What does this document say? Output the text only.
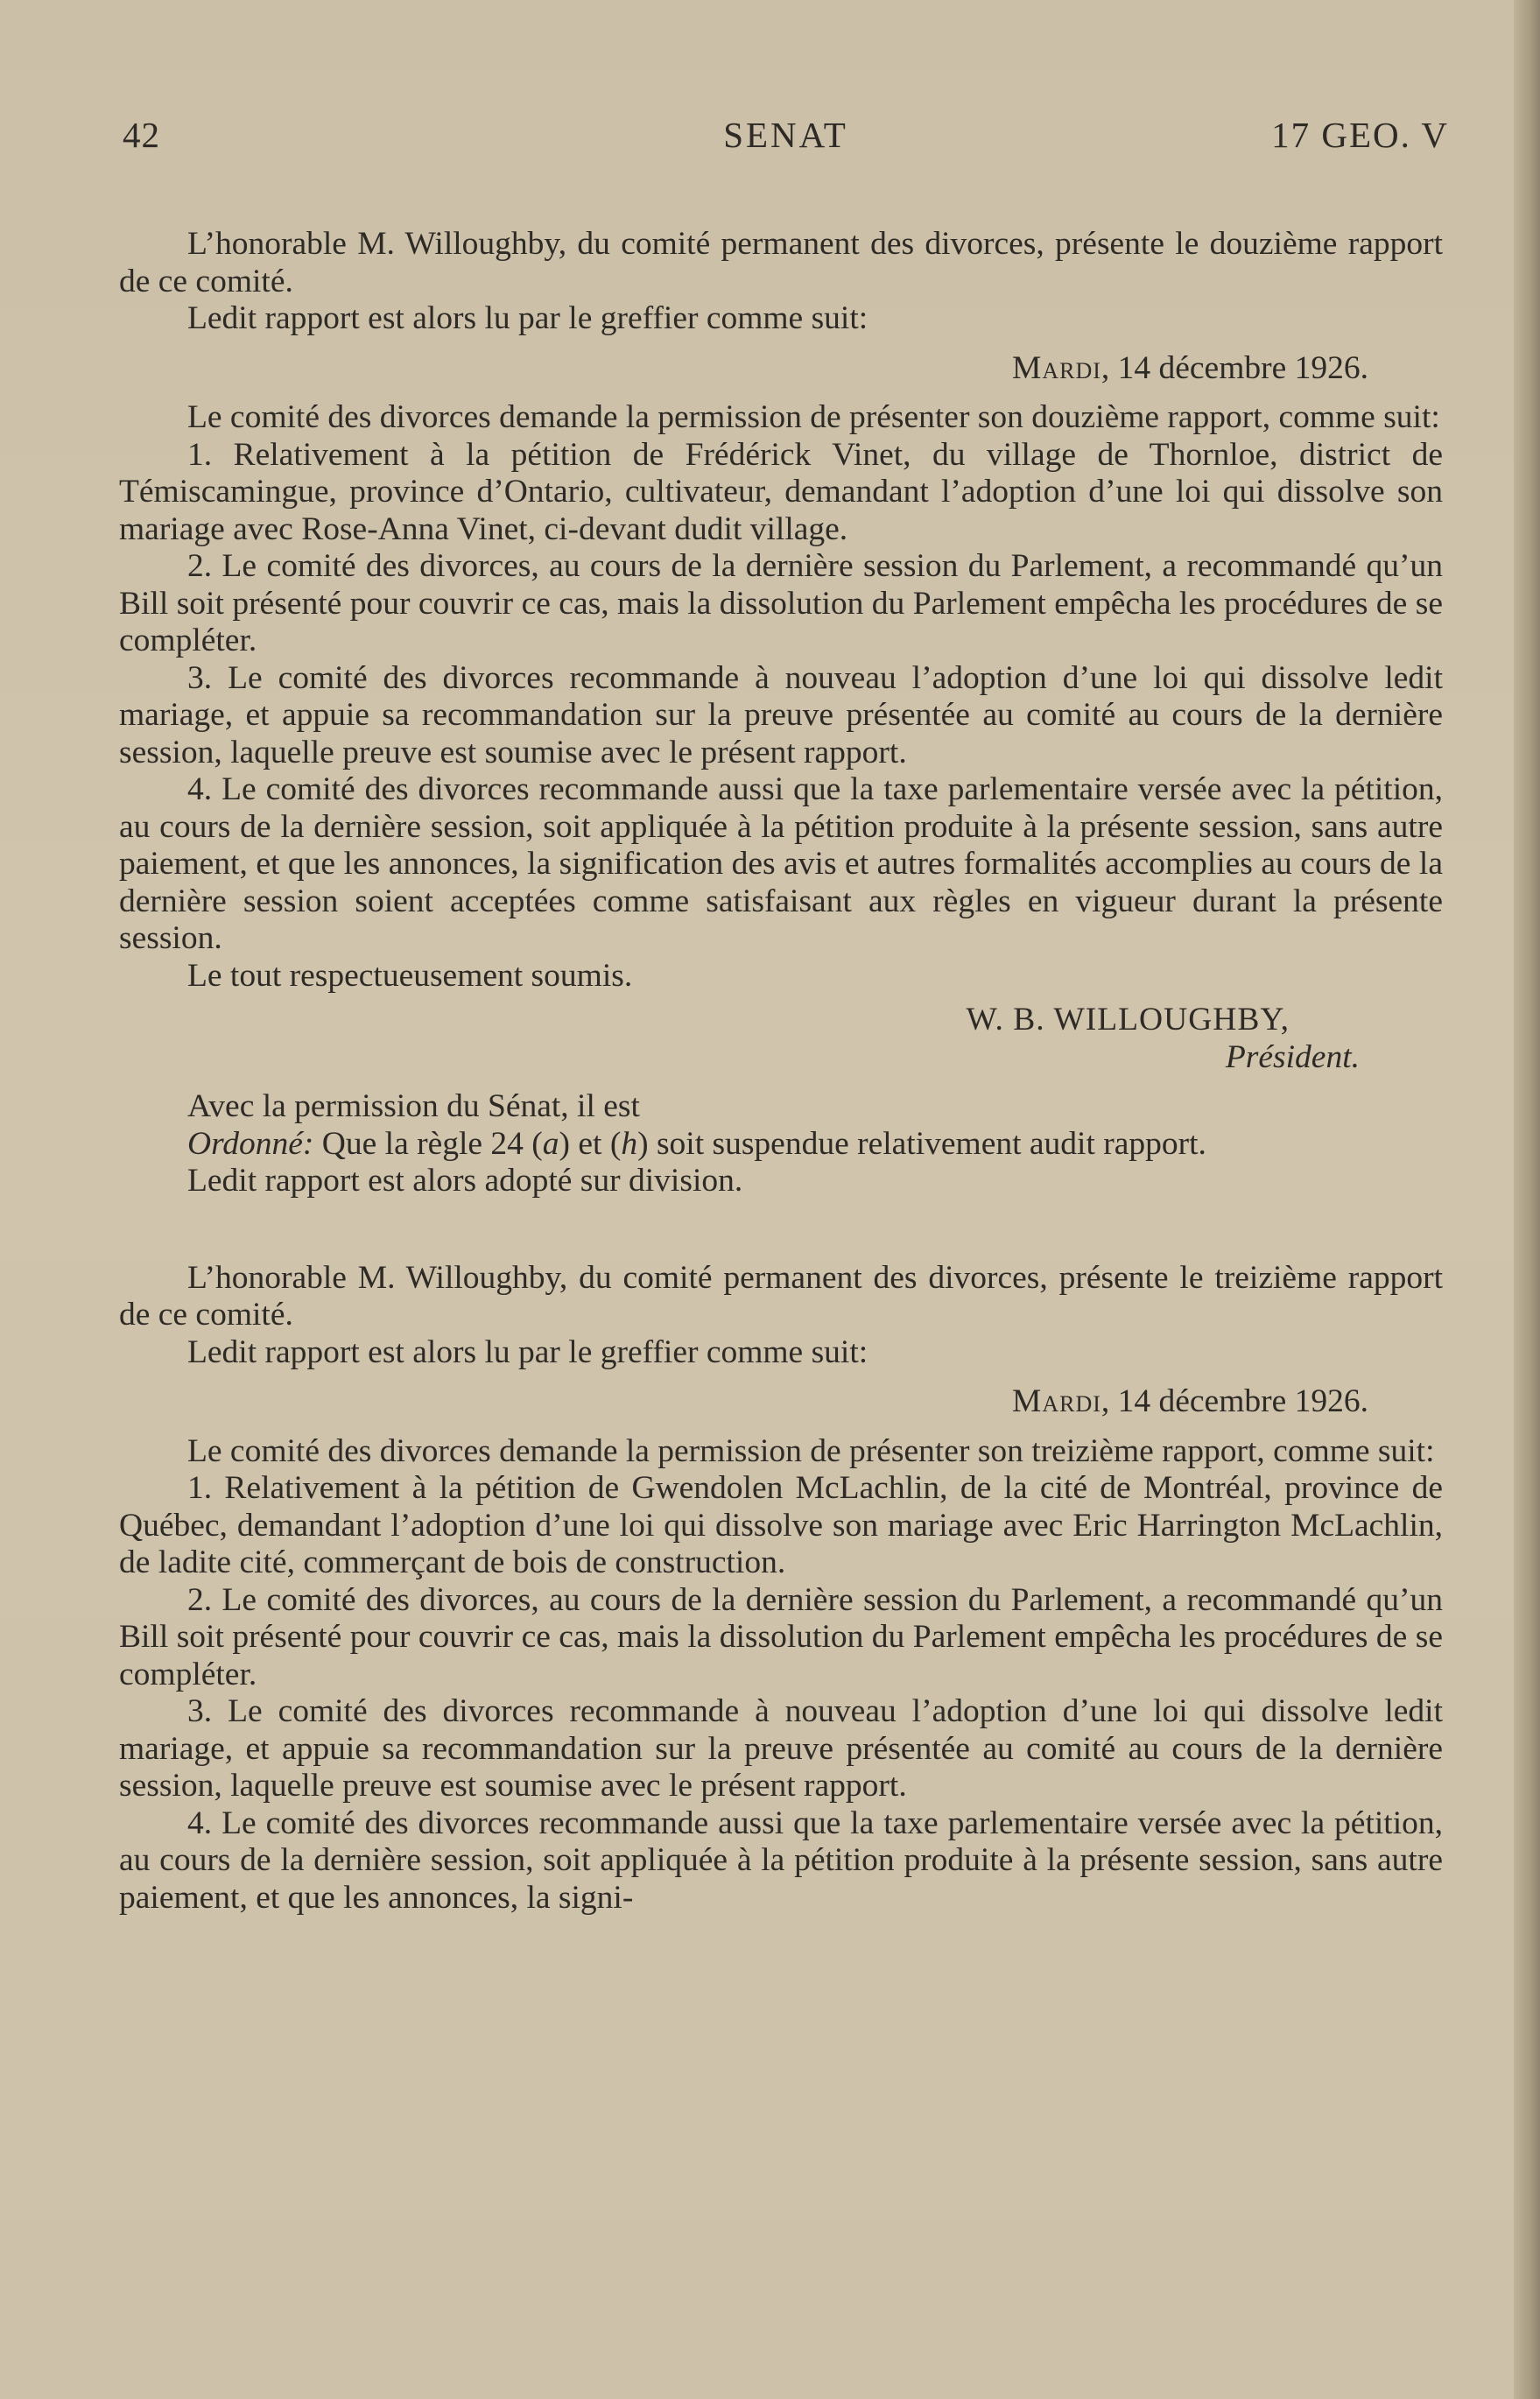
42	SENAT	17 GEO. V

L’honorable M. Willoughby, du comité permanent des divorces, présente le douzième rapport de ce comité.

Ledit rapport est alors lu par le greffier comme suit:

Mardi, 14 décembre 1926.

Le comité des divorces demande la permission de présenter son douzième rapport, comme suit:

1. Relativement à la pétition de Frédérick Vinet, du village de Thornloe, district de Témiscamingue, province d’Ontario, cultivateur, demandant l’adoption d’une loi qui dissolve son mariage avec Rose-Anna Vinet, ci-devant dudit village.

2. Le comité des divorces, au cours de la dernière session du Parlement, a recommandé qu’un Bill soit présenté pour couvrir ce cas, mais la dissolution du Parlement empêcha les procédures de se compléter.

3. Le comité des divorces recommande à nouveau l’adoption d’une loi qui dissolve ledit mariage, et appuie sa recommandation sur la preuve présentée au comité au cours de la dernière session, laquelle preuve est soumise avec le présent rapport.

4. Le comité des divorces recommande aussi que la taxe parlementaire versée avec la pétition, au cours de la dernière session, soit appliquée à la pétition produite à la présente session, sans autre paiement, et que les annonces, la signification des avis et autres formalités accomplies au cours de la dernière session soient acceptées comme satisfaisant aux règles en vigueur durant la présente session.

Le tout respectueusement soumis.

W. B. WILLOUGHBY,

Président.

Avec la permission du Sénat, il est

Ordonné: Que la règle 24 (a) et (h) soit suspendue relativement audit rapport.

Ledit rapport est alors adopté sur division.

L’honorable M. Willoughby, du comité permanent des divorces, présente le treizième rapport de ce comité.

Ledit rapport est alors lu par le greffier comme suit:

Mardi, 14 décembre 1926.

Le comité des divorces demande la permission de présenter son treizième rapport, comme suit:

1. Relativement à la pétition de Gwendolen McLachlin, de la cité de Montréal, province de Québec, demandant l’adoption d’une loi qui dissolve son mariage avec Eric Harrington McLachlin, de ladite cité, commerçant de bois de construction.

2. Le comité des divorces, au cours de la dernière session du Parlement, a recommandé qu’un Bill soit présenté pour couvrir ce cas, mais la dissolution du Parlement empêcha les procédures de se compléter.

3. Le comité des divorces recommande à nouveau l’adoption d’une loi qui dissolve ledit mariage, et appuie sa recommandation sur la preuve présentée au comité au cours de la dernière session, laquelle preuve est soumise avec le présent rapport.

4. Le comité des divorces recommande aussi que la taxe parlementaire versée avec la pétition, au cours de la dernière session, soit appliquée à la pétition produite à la présente session, sans autre paiement, et que les annonces, la signi-
